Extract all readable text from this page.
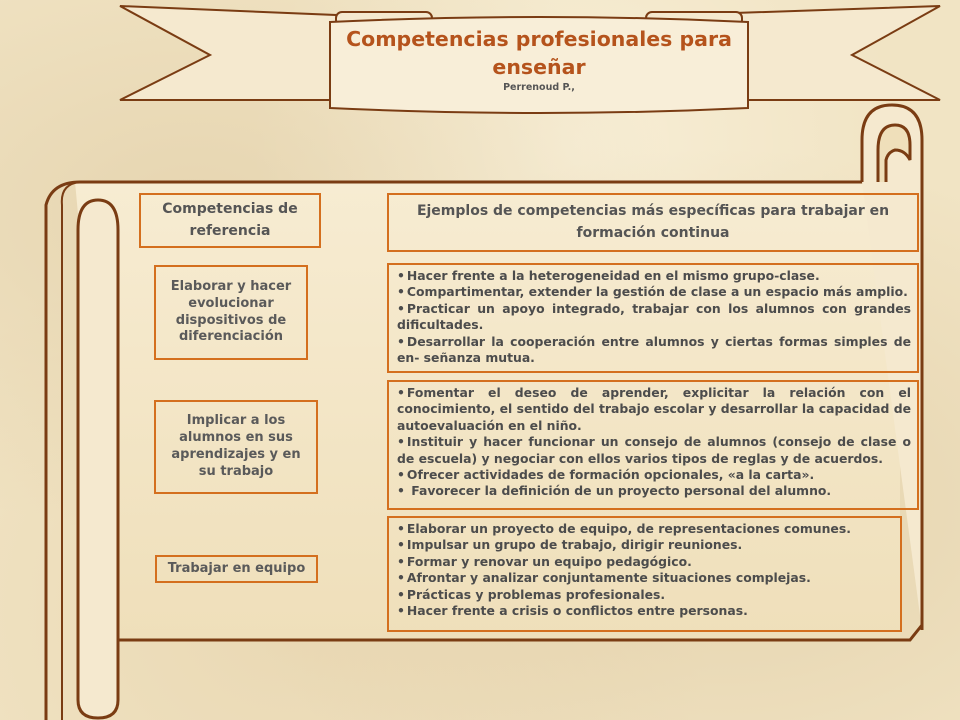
Competencias profesionales para enseñar
Perrenoud P.,
Competencias de referencia
Ejemplos de competencias más específicas para trabajar en formación continua
Elaborar y hacer evolucionar dispositivos de diferenciación
• Hacer frente a la heterogeneidad en el mismo grupo-clase.
• Compartimentar, extender la gestión de clase a un espacio más amplio.
• Practicar un apoyo integrado, trabajar con los alumnos con grandes dificultades.
• Desarrollar la cooperación entre alumnos y ciertas formas simples de en- señanza mutua.
Implicar a los alumnos en sus aprendizajes y en su trabajo
• Fomentar el deseo de aprender, explicitar la relación con el conocimiento, el sentido del trabajo escolar y desarrollar la capacidad de autoevaluación en el niño.
• Instituir y hacer funcionar un consejo de alumnos (consejo de clase o de escuela) y negociar con ellos varios tipos de reglas y de acuerdos.
• Ofrecer actividades de formación opcionales, «a la carta».
• Favorecer la definición de un proyecto personal del alumno.
Trabajar en equipo
• Elaborar un proyecto de equipo, de representaciones comunes.
• Impulsar un grupo de trabajo, dirigir reuniones.
• Formar y renovar un equipo pedagógico.
• Afrontar y analizar conjuntamente situaciones complejas.
• Prácticas y problemas profesionales.
• Hacer frente a crisis o conflictos entre personas.
